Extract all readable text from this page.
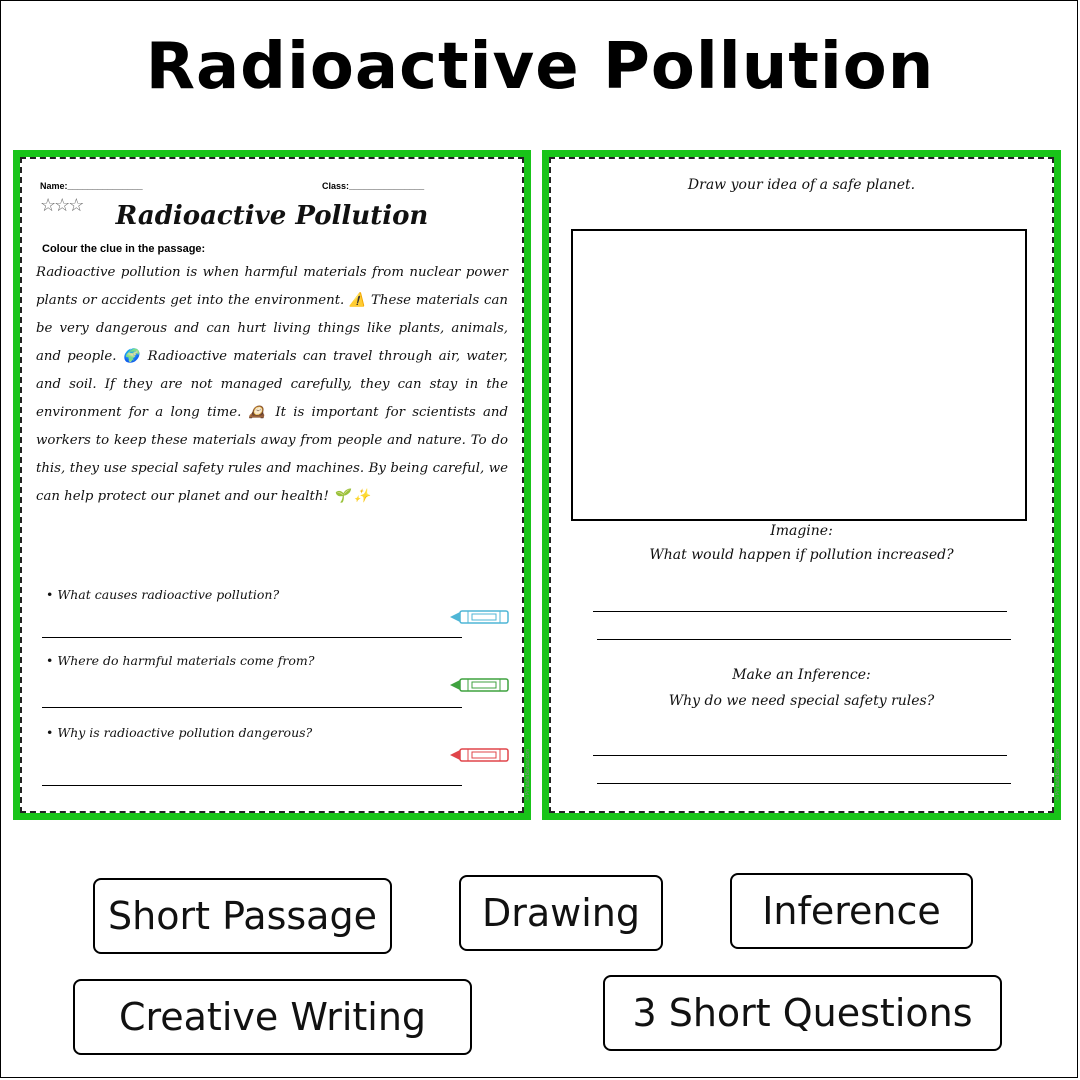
Radioactive Pollution
Name:_______________	Class:_______________
☆☆☆	Radioactive Pollution
Colour the clue in the passage:
Radioactive pollution is when harmful materials from nuclear power plants or accidents get into the environment. ⚠️ These materials can be very dangerous and can hurt living things like plants, animals, and people. 🌍 Radioactive materials can travel through air, water, and soil. If they are not managed carefully, they can stay in the environment for a long time. 🕰️ It is important for scientists and workers to keep these materials away from people and nature. To do this, they use special safety rules and machines. By being careful, we can help protect our planet and our health! 🌱 ✨
• What causes radioactive pollution?
• Where do harmful materials come from?
• Why is radioactive pollution dangerous?
© PrintableBazaar.com
Draw your idea of a safe planet.
Imagine:
What would happen if pollution increased?
Make an Inference:
Why do we need special safety rules?
© PrintableBazaar.com
Short Passage	Drawing	Inference
Creative Writing	3 Short Questions
